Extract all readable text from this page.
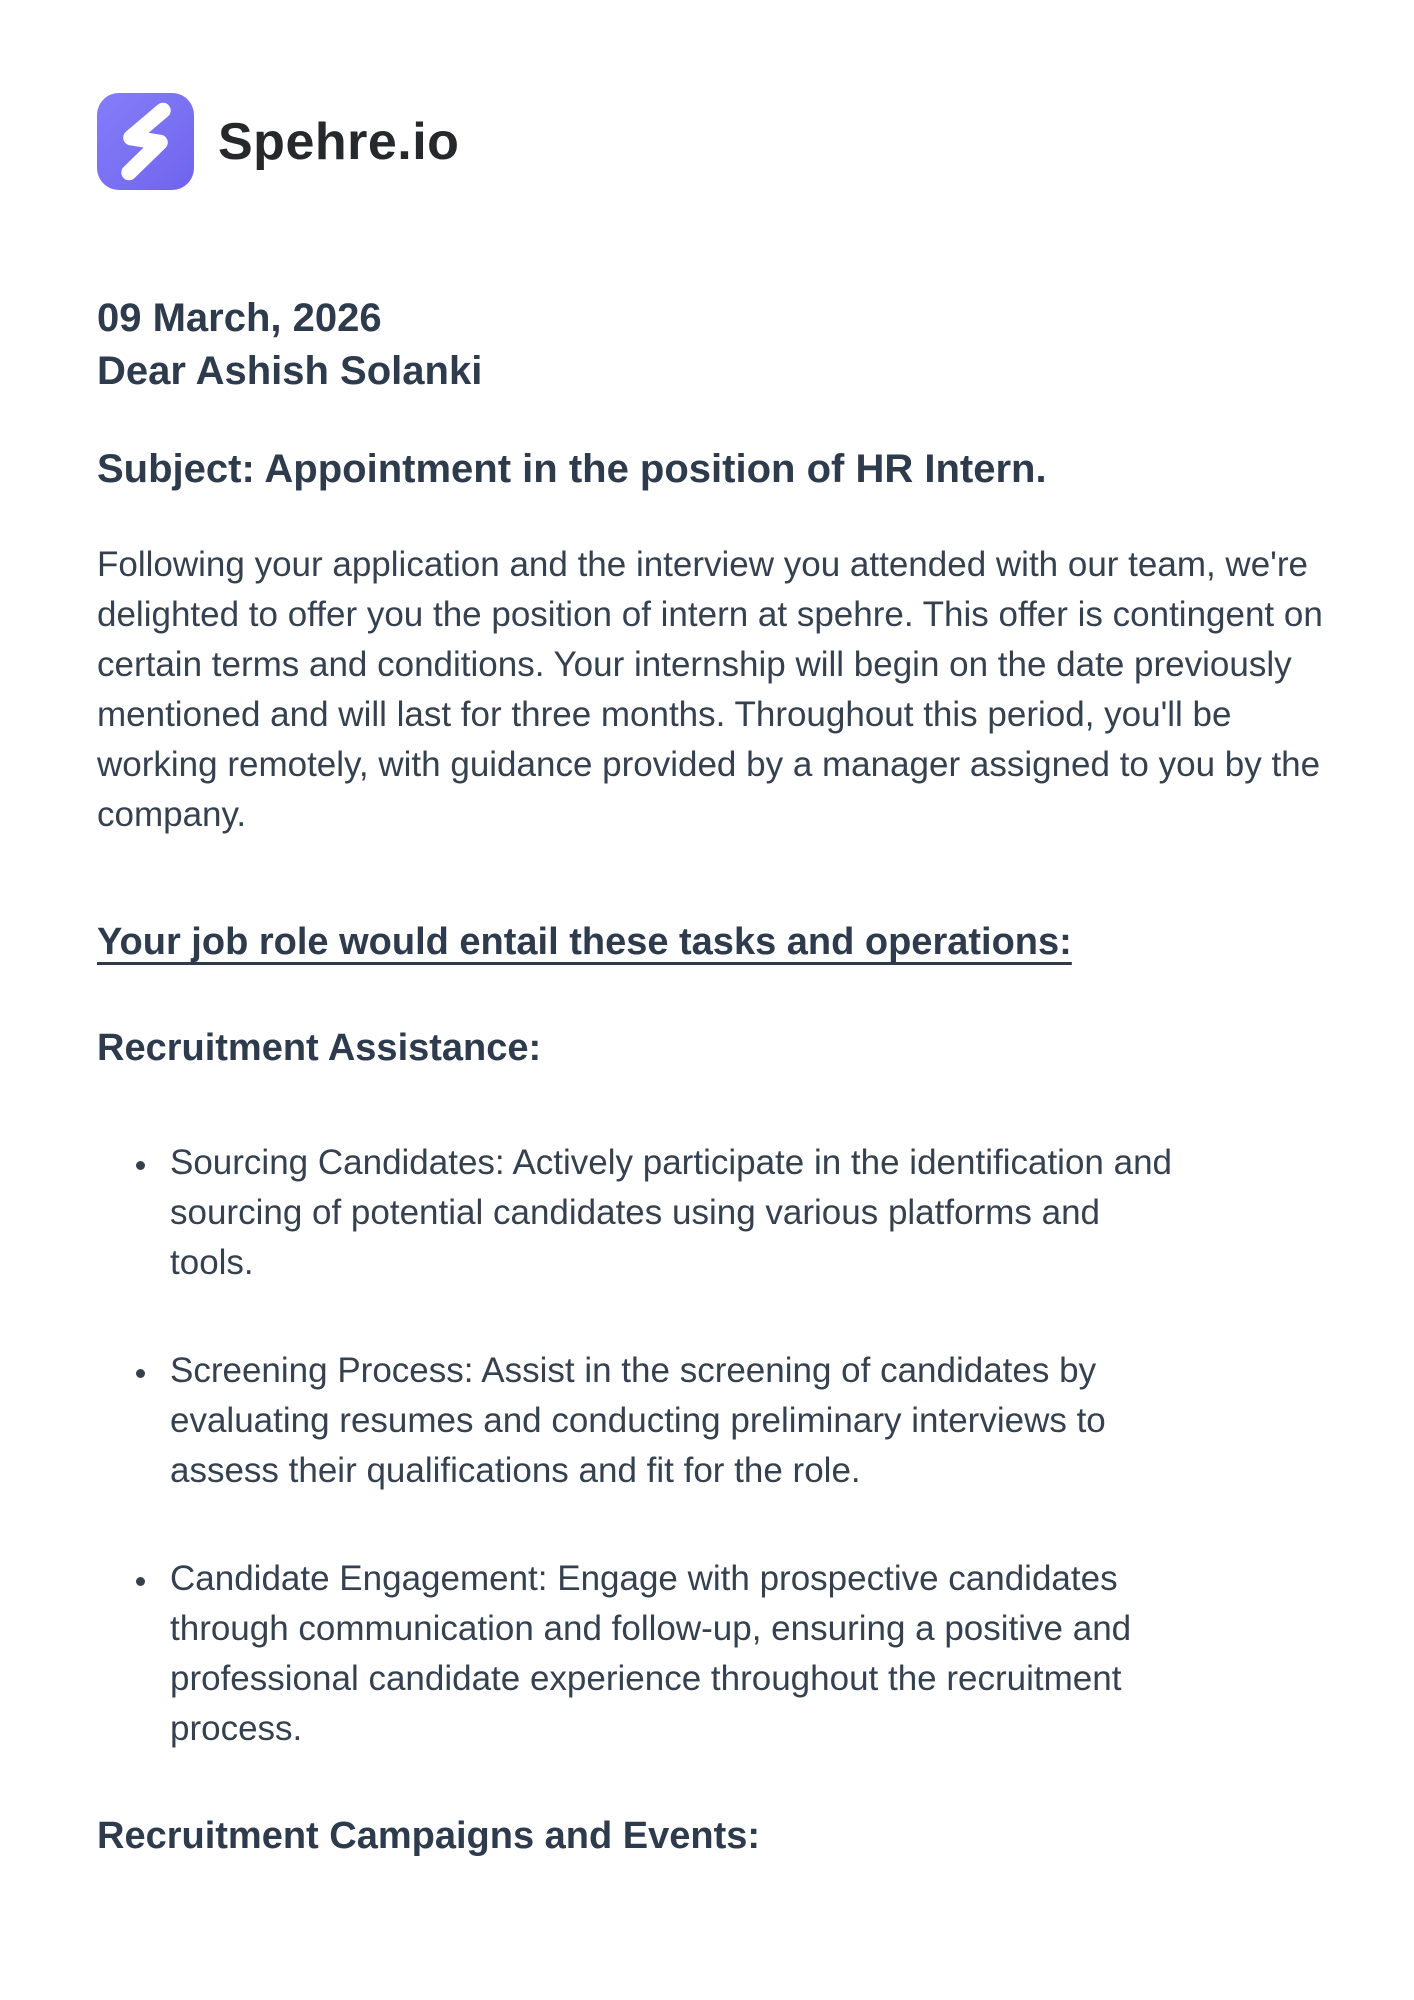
Spehre.io

09 March, 2026

Dear Ashish Solanki

Subject: Appointment in the position of HR Intern.

Following your application and the interview you attended with our team, we're delighted to offer you the position of intern at spehre. This offer is contingent on certain terms and conditions. Your internship will begin on the date previously mentioned and will last for three months. Throughout this period, you'll be working remotely, with guidance provided by a manager assigned to you by the company.

Your job role would entail these tasks and operations:

Recruitment Assistance:
• Sourcing Candidates: Actively participate in the identification and sourcing of potential candidates using various platforms and tools.
• Screening Process: Assist in the screening of candidates by evaluating resumes and conducting preliminary interviews to assess their qualifications and fit for the role.
• Candidate Engagement: Engage with prospective candidates through communication and follow-up, ensuring a positive and professional candidate experience throughout the recruitment process.
Recruitment Campaigns and Events:
